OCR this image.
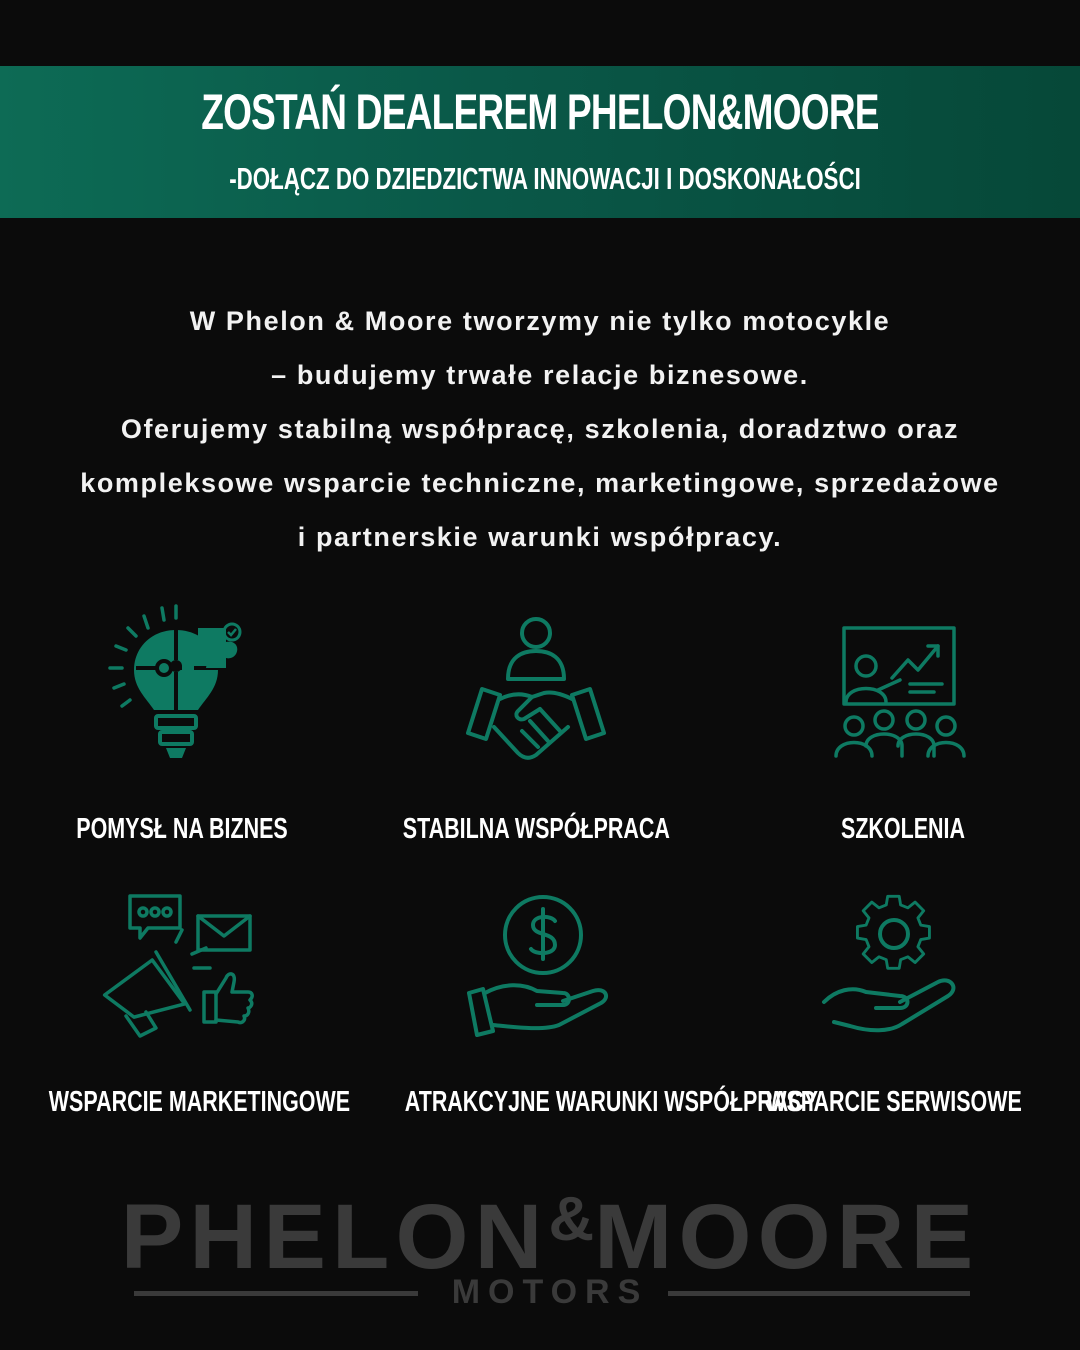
ZOSTAŃ DEALEREM PHELON&MOORE
-DOŁĄCZ DO DZIEDZICTWA INNOWACJI I DOSKONAŁOŚCI
W Phelon & Moore tworzymy nie tylko motocykle
– budujemy trwałe relacje biznesowe.
Oferujemy stabilną współpracę, szkolenia, doradztwo oraz
kompleksowe wsparcie techniczne, marketingowe, sprzedażowe
i partnerskie warunki współpracy.
POMYSŁ NA BIZNES	STABILNA WSPÓŁPRACA	SZKOLENIA
WSPARCIE MARKETINGOWE ATRAKCYJNE WARUNKI WSPÓŁPRACY
WSPARCIE SERWISOWE
PHELON&MOORE
MOTORS
